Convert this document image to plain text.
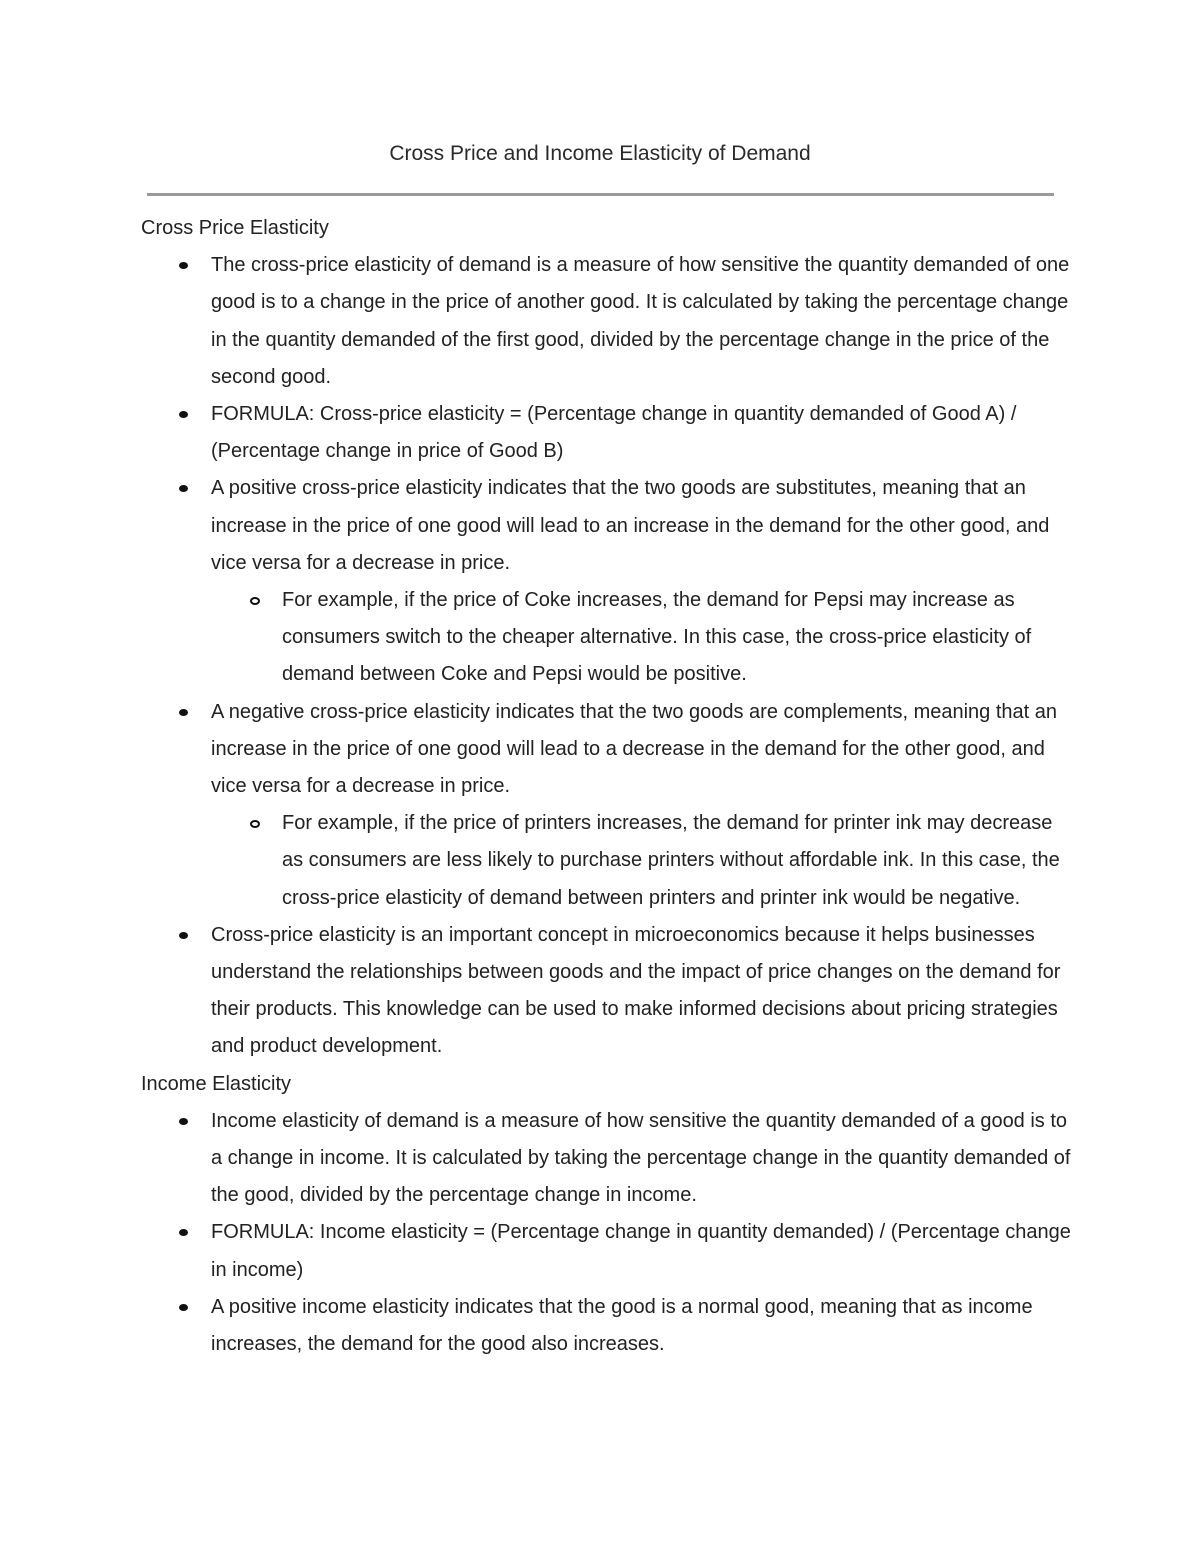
Cross Price and Income Elasticity of Demand
Cross Price Elasticity
The cross-price elasticity of demand is a measure of how sensitive the quantity demanded of one good is to a change in the price of another good. It is calculated by taking the percentage change in the quantity demanded of the first good, divided by the percentage change in the price of the second good.
FORMULA: Cross-price elasticity = (Percentage change in quantity demanded of Good A) / (Percentage change in price of Good B)
A positive cross-price elasticity indicates that the two goods are substitutes, meaning that an increase in the price of one good will lead to an increase in the demand for the other good, and vice versa for a decrease in price.
For example, if the price of Coke increases, the demand for Pepsi may increase as consumers switch to the cheaper alternative. In this case, the cross-price elasticity of demand between Coke and Pepsi would be positive.
A negative cross-price elasticity indicates that the two goods are complements, meaning that an increase in the price of one good will lead to a decrease in the demand for the other good, and vice versa for a decrease in price.
For example, if the price of printers increases, the demand for printer ink may decrease as consumers are less likely to purchase printers without affordable ink. In this case, the cross-price elasticity of demand between printers and printer ink would be negative.
Cross-price elasticity is an important concept in microeconomics because it helps businesses understand the relationships between goods and the impact of price changes on the demand for their products. This knowledge can be used to make informed decisions about pricing strategies and product development.
Income Elasticity
Income elasticity of demand is a measure of how sensitive the quantity demanded of a good is to a change in income. It is calculated by taking the percentage change in the quantity demanded of the good, divided by the percentage change in income.
FORMULA: Income elasticity = (Percentage change in quantity demanded) / (Percentage change in income)
A positive income elasticity indicates that the good is a normal good, meaning that as income increases, the demand for the good also increases.
